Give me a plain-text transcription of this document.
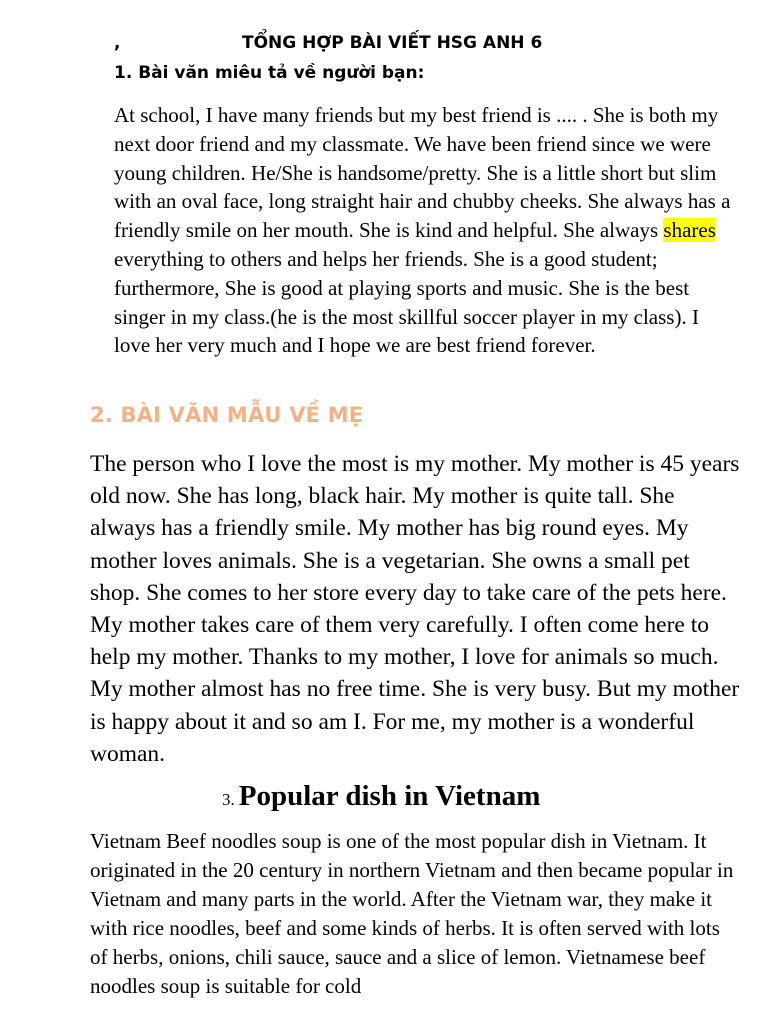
,	TỔNG HỢP BÀI VIẾT HSG ANH 6
1. Bài văn miêu tả về người bạn:

At school, I have many friends but my best friend is .... . She is both my next door friend and my classmate. We have been friend since we were young children. He/She is handsome/pretty. She is a little short but slim with an oval face, long straight hair and chubby cheeks. She always has a friendly smile on her mouth. She is kind and helpful. She always shares everything to others and helps her friends. She is a good student; furthermore, She is good at playing sports and music. She is the best singer in my class.(he is the most skillful soccer player in my class). I love her very much and I hope we are best friend forever.

2. BÀI VĂN MẪU VỀ MẸ

The person who I love the most is my mother. My mother is 45 years old now. She has long, black hair. My mother is quite tall. She always has a friendly smile. My mother has big round eyes. My mother loves animals. She is a vegetarian. She owns a small pet shop. She comes to her store every day to take care of the pets here. My mother takes care of them very carefully. I often come here to help my mother. Thanks to my mother, I love for animals so much. My mother almost has no free time. She is very busy. But my mother is happy about it and so am I. For me, my mother is a wonderful woman.

3. Popular dish in Vietnam

Vietnam Beef noodles soup is one of the most popular dish in Vietnam. It originated in the 20 century in northern Vietnam and then became popular in Vietnam and many parts in the world. After the Vietnam war, they make it with rice noodles, beef and some kinds of herbs. It is often served with lots of herbs, onions, chili sauce, sauce and a slice of lemon. Vietnamese beef noodles soup is suitable for cold
